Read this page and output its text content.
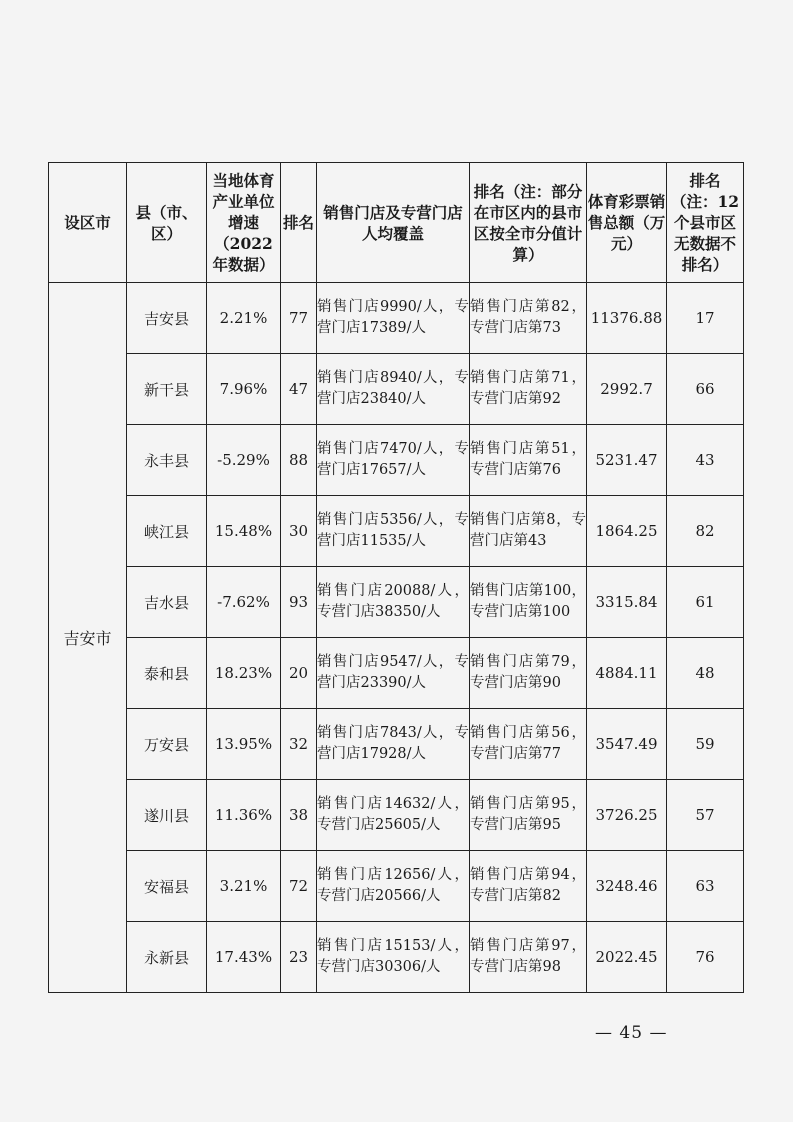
设区市	县（市、区）	当地体育产业单位增速（2022年数据）	排名	销售门店及专营门店人均覆盖	排名（注：部分在市区内的县市区按全市分值计算）	体育彩票销售总额（万元）	排名（注：12个县市区无数据不排名）
吉安市	吉安县	2.21%	77	销售门店9990/人，专营门店17389/人	销售门店第82，专营门店第73	11376.88	17
	新干县	7.96%	47	销售门店8940/人，专营门店23840/人	销售门店第71，专营门店第92	2992.7	66
	永丰县	-5.29%	88	销售门店7470/人，专营门店17657/人	销售门店第51，专营门店第76	5231.47	43
	峡江县	15.48%	30	销售门店5356/人，专营门店11535/人	销售门店第8，专营门店第43	1864.25	82
	吉水县	-7.62%	93	销售门店20088/人，专营门店38350/人	销售门店第100，专营门店第100	3315.84	61
	泰和县	18.23%	20	销售门店9547/人，专营门店23390/人	销售门店第79，专营门店第90	4884.11	48
	万安县	13.95%	32	销售门店7843/人，专营门店17928/人	销售门店第56，专营门店第77	3547.49	59
	遂川县	11.36%	38	销售门店14632/人，专营门店25605/人	销售门店第95，专营门店第95	3726.25	57
	安福县	3.21%	72	销售门店12656/人，专营门店20566/人	销售门店第94，专营门店第82	3248.46	63
	永新县	17.43%	23	销售门店15153/人，专营门店30306/人	销售门店第97，专营门店第98	2022.45	76
— 45 —
